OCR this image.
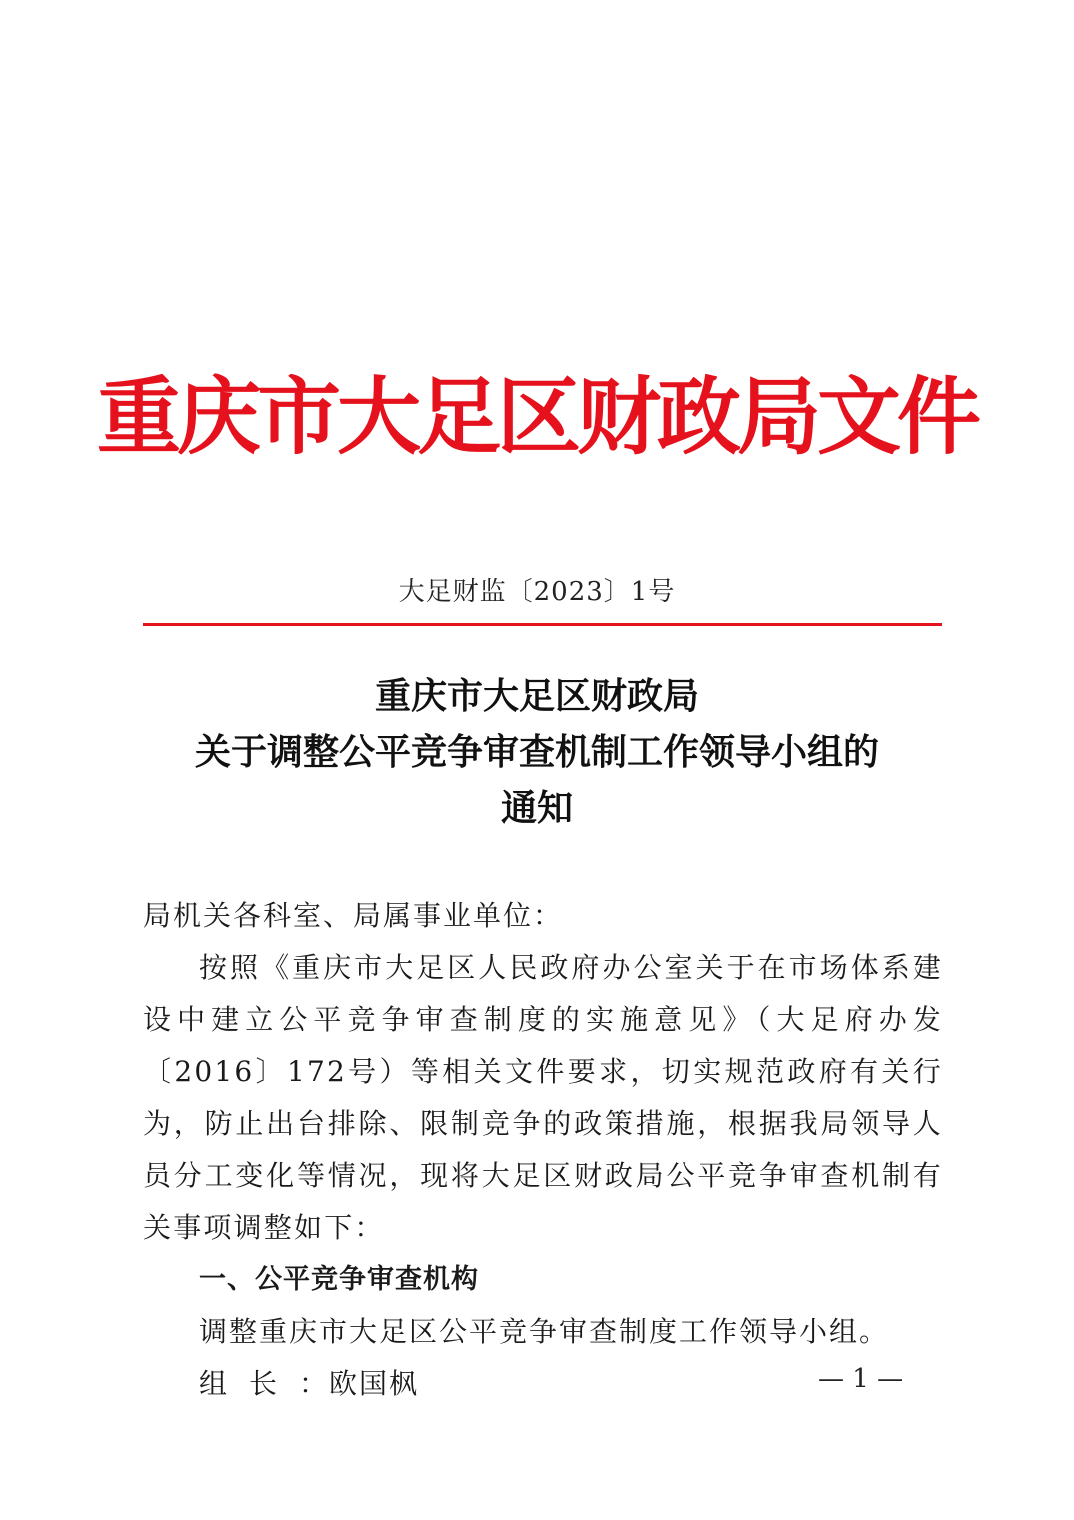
重庆市大足区财政局文件
大足财监〔2023〕1号
重庆市大足区财政局
关于调整公平竞争审查机制工作领导小组的
通知

局机关各科室、局属事业单位：

按照《重庆市大足区人民政府办公室关于在市场体系建设中建立公平竞争审查制度的实施意见》（大足府办发〔2016〕172号）等相关文件要求，切实规范政府有关行为，防止出台排除、限制竞争的政策措施，根据我局领导人员分工变化等情况，现将大足区财政局公平竞争审查机制有关事项调整如下：

一、公平竞争审查机构

调整重庆市大足区公平竞争审查制度工作领导小组。

组长：欧国枫	— 1 —
